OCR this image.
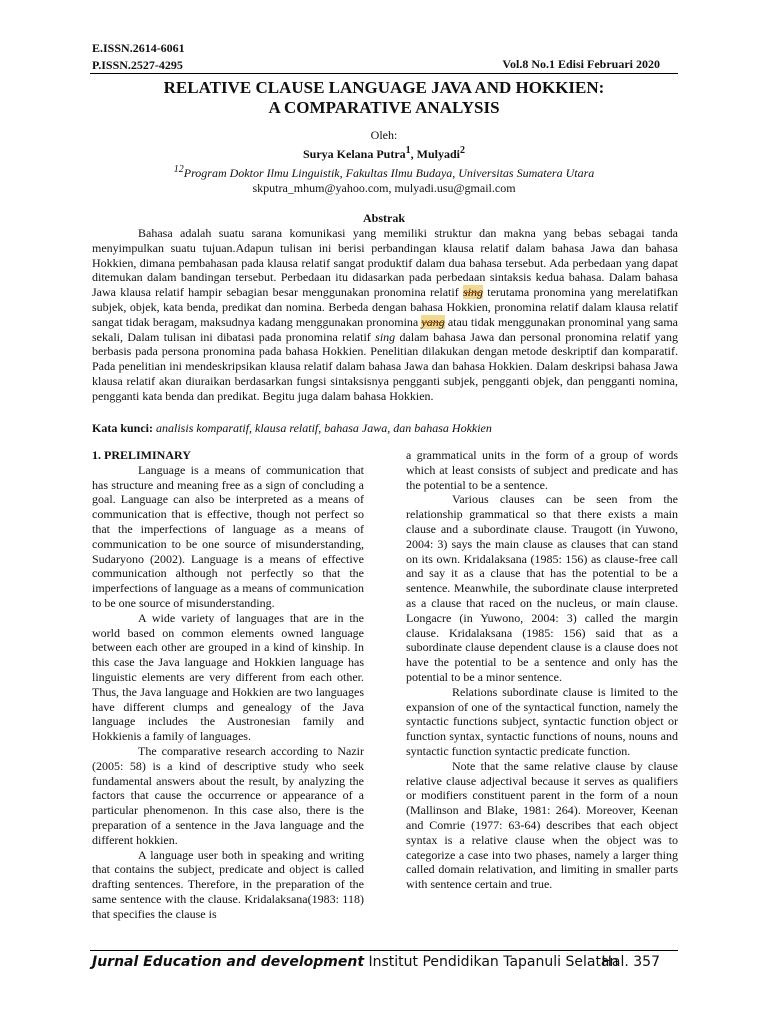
E.ISSN.2614-6061
P.ISSN.2527-4295	Vol.8 No.1 Edisi Februari 2020
RELATIVE CLAUSE LANGUAGE JAVA AND HOKKIEN:
A COMPARATIVE ANALYSIS
Oleh:
Surya Kelana Putra$^1$, Mulyadi$^2$
$^{12}$Program Doktor Ilmu Linguistik, Fakultas Ilmu Budaya, Universitas Sumatera Utara
skputra_mhum@yahoo.com, mulyadi.usu@gmail.com
Abstrak
Bahasa adalah suatu sarana komunikasi yang memiliki struktur dan makna yang bebas sebagai tanda menyimpulkan suatu tujuan.Adapun tulisan ini berisi perbandingan klausa relatif dalam bahasa Jawa dan bahasa Hokkien, dimana pembahasan pada klausa relatif sangat produktif dalam dua bahasa tersebut. Ada perbedaan yang dapat ditemukan dalam bandingan tersebut. Perbedaan itu didasarkan pada perbedaan sintaksis kedua bahasa. Dalam bahasa Jawa klausa relatif hampir sebagian besar menggunakan pronomina relatif sing terutama pronomina yang merelatifkan subjek, objek, kata benda, predikat dan nomina. Berbeda dengan bahasa Hokkien, pronomina relatif dalam klausa relatif sangat tidak beragam, maksudnya kadang menggunakan pronomina yang atau tidak menggunakan pronominal yang sama sekali, Dalam tulisan ini dibatasi pada pronomina relatif sing dalam bahasa Jawa dan personal pronomina relatif yang berbasis pada persona pronomina pada bahasa Hokkien. Penelitian dilakukan dengan metode deskriptif dan komparatif. Pada penelitian ini mendeskripsikan klausa relatif dalam bahasa Jawa dan bahasa Hokkien. Dalam deskripsi bahasa Jawa klausa relatif akan diuraikan berdasarkan fungsi sintaksisnya pengganti subjek, pengganti objek, dan pengganti nomina, pengganti kata benda dan predikat. Begitu juga dalam bahasa Hokkien.
Kata kunci: analisis komparatif, klausa relatif, bahasa Jawa, dan bahasa Hokkien

1. PRELIMINARY

Language is a means of communication that has structure and meaning free as a sign of concluding a goal. Language can also be interpreted as a means of communication that is effective, though not perfect so that the imperfections of language as a means of communication to be one source of misunderstanding, Sudaryono (2002). Language is a means of effective communication although not perfectly so that the imperfections of language as a means of communication to be one source of misunderstanding.

A wide variety of languages that are in the world based on common elements owned language between each other are grouped in a kind of kinship. In this case the Java language and Hokkien language has linguistic elements are very different from each other. Thus, the Java language and Hokkien are two languages have different clumps and genealogy of the Java language includes the Austronesian family and Hokkienis a family of languages.

The comparative research according to Nazir (2005: 58) is a kind of descriptive study who seek fundamental answers about the result, by analyzing the factors that cause the occurrence or appearance of a particular phenomenon. In this case also, there is the preparation of a sentence in the Java language and the different hokkien.

A language user both in speaking and writing that contains the subject, predicate and object is called drafting sentences. Therefore, in the preparation of the same sentence with the clause. Kridalaksana(1983: 118) that specifies the clause is

a grammatical units in the form of a group of words which at least consists of subject and predicate and has the potential to be a sentence.

Various clauses can be seen from the relationship grammatical so that there exists a main clause and a subordinate clause. Traugott (in Yuwono, 2004: 3) says the main clause as clauses that can stand on its own. Kridalaksana (1985: 156) as clause-free call and say it as a clause that has the potential to be a sentence. Meanwhile, the subordinate clause interpreted as a clause that raced on the nucleus, or main clause. Longacre (in Yuwono, 2004: 3) called the margin clause. Kridalaksana (1985: 156) said that as a subordinate clause dependent clause is a clause does not have the potential to be a sentence and only has the potential to be a minor sentence.

Relations subordinate clause is limited to the expansion of one of the syntactical function, namely the syntactic functions subject, syntactic function object or function syntax, syntactic functions of nouns, nouns and syntactic function syntactic predicate function.

Note that the same relative clause by clause relative clause adjectival because it serves as qualifiers or modifiers constituent parent in the form of a noun (Mallinson and Blake, 1981: 264). Moreover, Keenan and Comrie (1977: 63-64) describes that each object syntax is a relative clause when the object was to categorize a case into two phases, namely a larger thing called domain relativation, and limiting in smaller parts with sentence certain and true.

Jurnal Education and development Institut Pendidikan Tapanuli Selatan
Hal. 357
